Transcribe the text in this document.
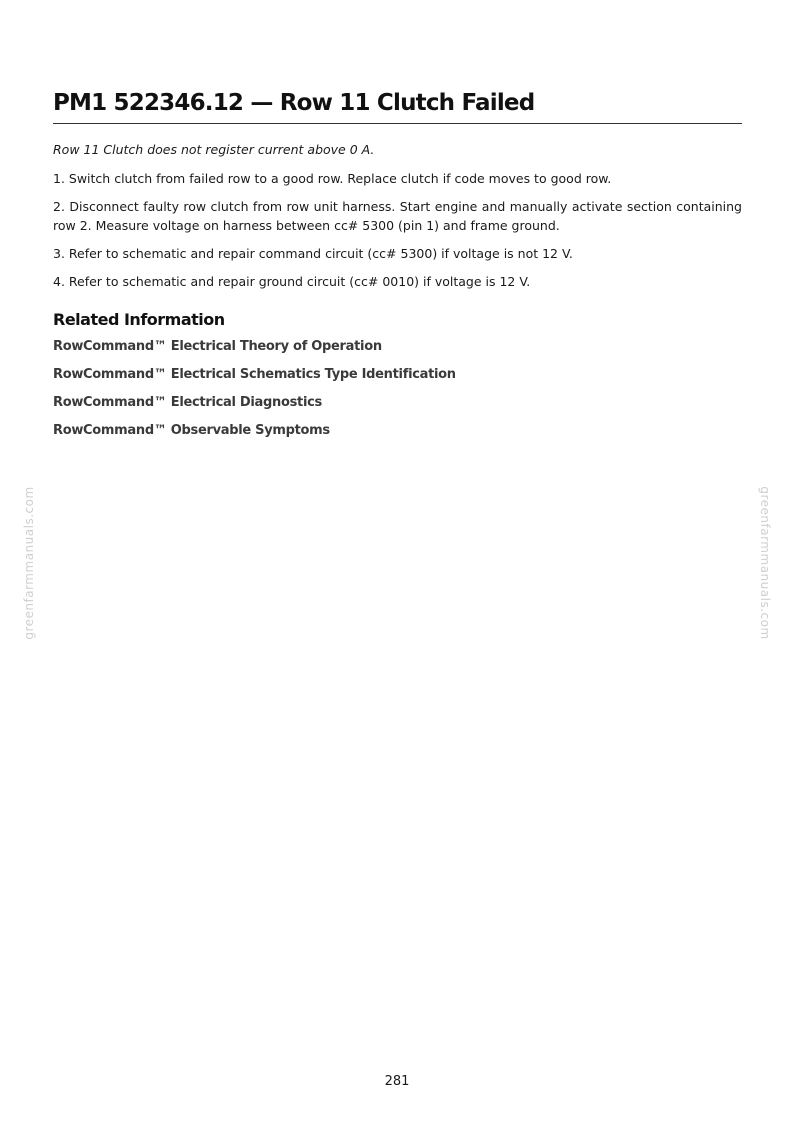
PM1 522346.12 — Row 11 Clutch Failed

Row 11 Clutch does not register current above 0 A.

1. Switch clutch from failed row to a good row. Replace clutch if code moves to good row.

2. Disconnect faulty row clutch from row unit harness. Start engine and manually activate section containing row 2. Measure voltage on harness between cc# 5300 (pin 1) and frame ground.

3. Refer to schematic and repair command circuit (cc# 5300) if voltage is not 12 V.

4. Refer to schematic and repair ground circuit (cc# 0010) if voltage is 12 V.

Related Information
RowCommand™ Electrical Theory of Operation
RowCommand™ Electrical Schematics Type Identification
RowCommand™ Electrical Diagnostics
RowCommand™ Observable Symptoms
greenfarmmanuals.com	greenfarmmanuals.com
281
